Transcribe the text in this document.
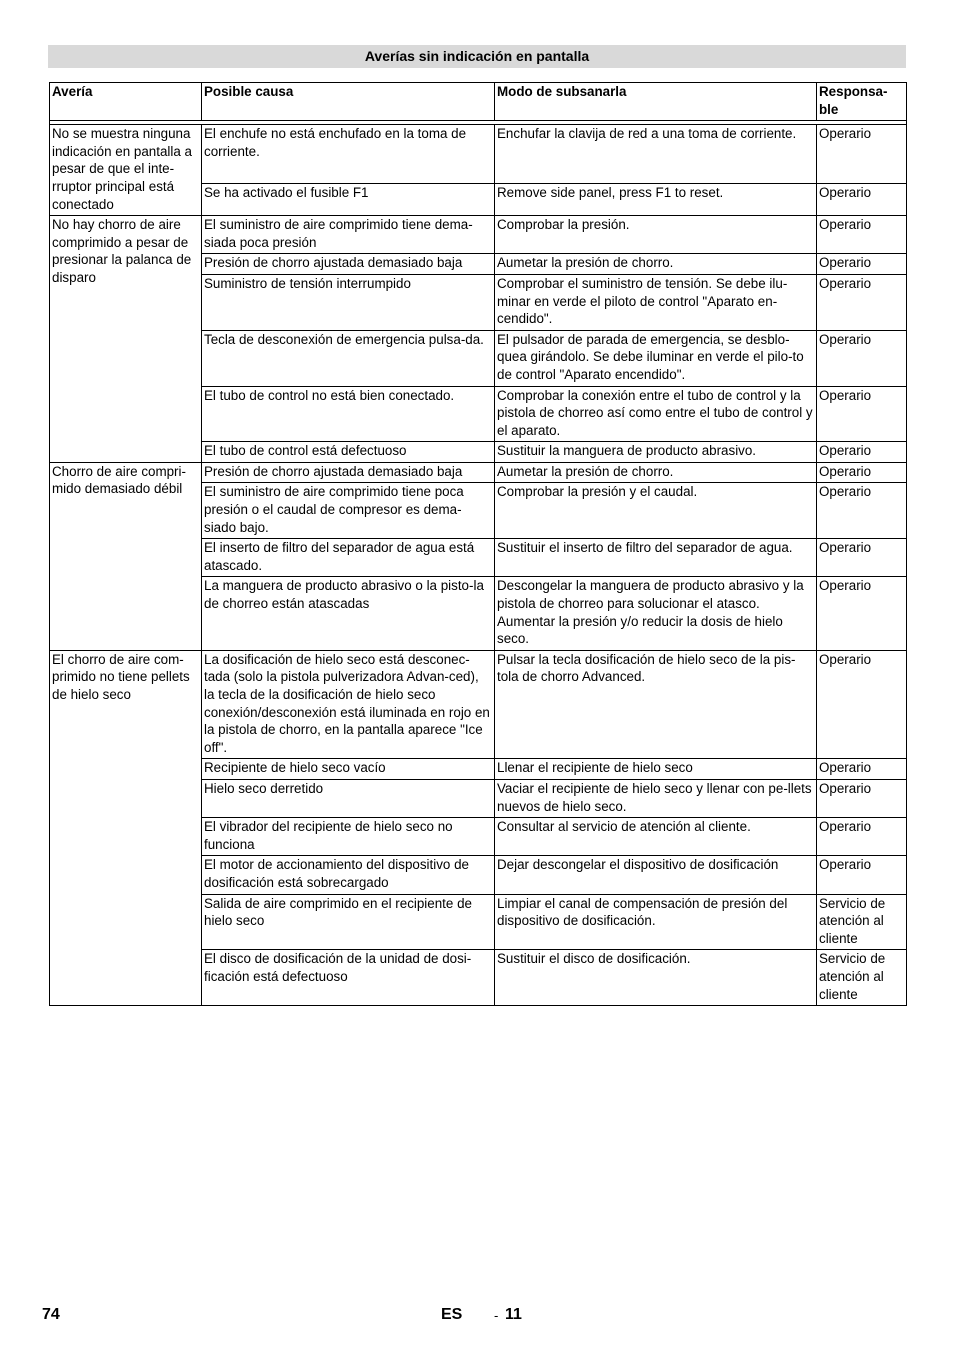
Averías sin indicación en pantalla
Avería	Posible causa	Modo de subsanarla	Responsa-
ble

No se muestra ninguna indicación en pantalla a pesar de que el inte-rruptor principal está conectado	El enchufe no está enchufado en la toma de corriente.	Enchufar la clavija de red a una toma de corriente.	Operario
	Se ha activado el fusible F1	Remove side panel, press F1 to reset.	Operario
No hay chorro de aire comprimido a pesar de presionar la palanca de disparo	El suministro de aire comprimido tiene dema-siada poca presión	Comprobar la presión.	Operario
	Presión de chorro ajustada demasiado baja	Aumetar la presión de chorro.	Operario
	Suministro de tensión interrumpido	Comprobar el suministro de tensión. Se debe ilu-minar en verde el piloto de control "Aparato en-cendido".	Operario
	Tecla de desconexión de emergencia pulsa-da.	El pulsador de parada de emergencia, se desblo-quea girándolo. Se debe iluminar en verde el pilo-to de control "Aparato encendido".	Operario
	El tubo de control no está bien conectado.	Comprobar la conexión entre el tubo de control y la pistola de chorreo así como entre el tubo de control y el aparato.	Operario
	El tubo de control está defectuoso	Sustituir la manguera de producto abrasivo.	Operario
Chorro de aire compri-mido demasiado débil	Presión de chorro ajustada demasiado baja	Aumetar la presión de chorro.	Operario
	El suministro de aire comprimido tiene poca presión o el caudal de compresor es dema-siado bajo.	Comprobar la presión y el caudal.	Operario
	El inserto de filtro del separador de agua está atascado.	Sustituir el inserto de filtro del separador de agua.	Operario
	La manguera de producto abrasivo o la pisto-la de chorreo están atascadas	Descongelar la manguera de producto abrasivo y la pistola de chorreo para solucionar el atasco. Aumentar la presión y/o reducir la dosis de hielo seco.	Operario
El chorro de aire com-primido no tiene pellets de hielo seco	La dosificación de hielo seco está desconec-tada (solo la pistola pulverizadora Advan-ced), la tecla de la dosificación de hielo seco conexión/desconexión está iluminada en rojo en la pistola de chorro, en la pantalla aparece "Ice off".	Pulsar la tecla dosificación de hielo seco de la pis-tola de chorro Advanced.	Operario
	Recipiente de hielo seco vacío	Llenar el recipiente de hielo seco	Operario
	Hielo seco derretido	Vaciar el recipiente de hielo seco y llenar con pe-llets nuevos de hielo seco.	Operario
	El vibrador del recipiente de hielo seco no funciona	Consultar al servicio de atención al cliente.	Operario
	El motor de accionamiento del dispositivo de dosificación está sobrecargado	Dejar descongelar el dispositivo de dosificación	Operario
	Salida de aire comprimido en el recipiente de hielo seco	Limpiar el canal de compensación de presión del dispositivo de dosificación.	Servicio de atención al cliente
	El disco de dosificación de la unidad de dosi-ficación está defectuoso	Sustituir el disco de dosificación.	Servicio de atención al cliente
74	ES - 11
